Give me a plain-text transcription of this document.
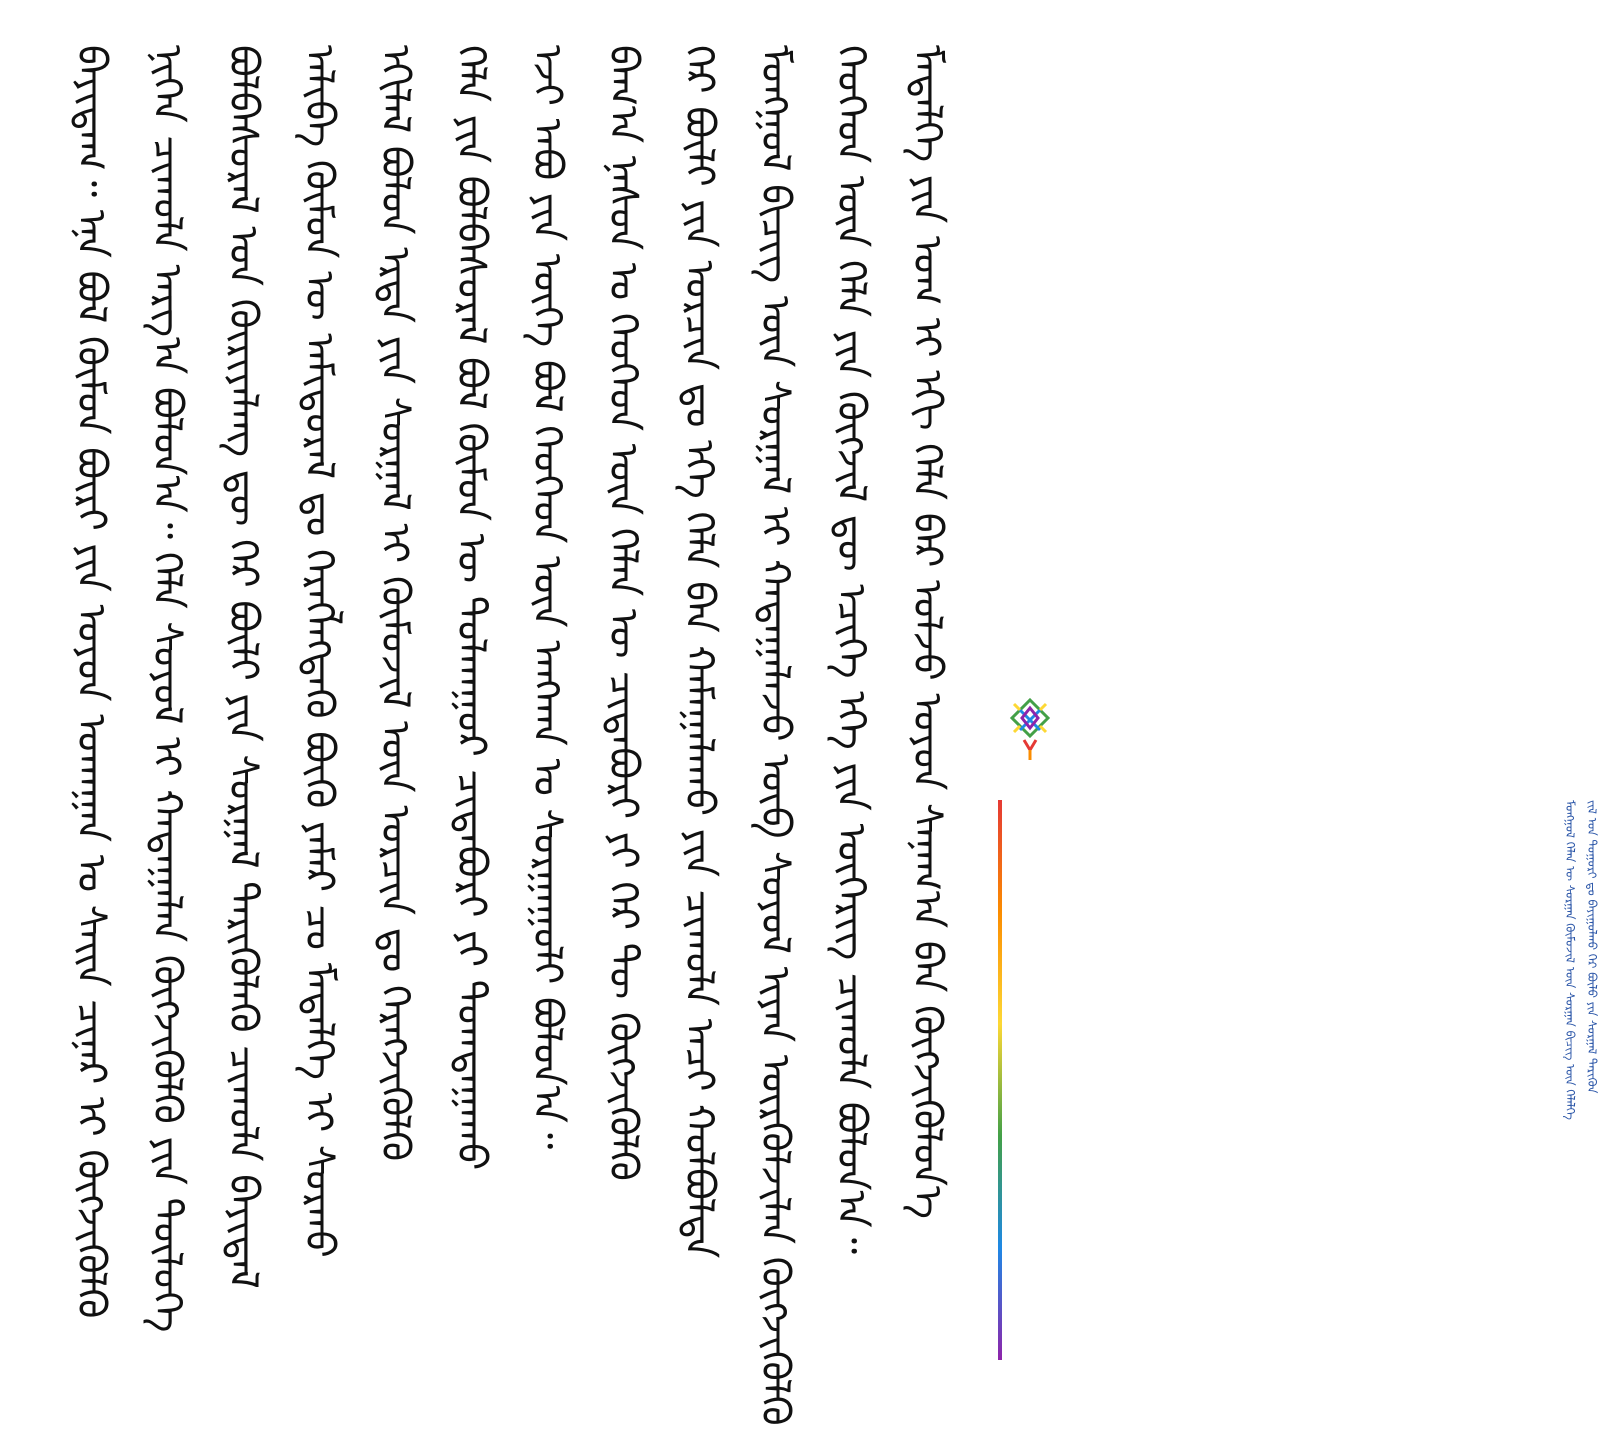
ᠪᠠᠶᠢᠳᠠᠭ᠃ ᠡᠨᠡ ᠪᠣᠯ ᠬᠦᠮᠦᠨ ᠪᠦᠷᠢ ᠶᠢᠨ ᠣᠶᠤᠨ ᠤᠬᠠᠭᠠᠨ ᠤ ᠰᠠᠢᠨ ᠴᠢᠨᠠᠷ ᠢ ᠬᠥᠭᠵᠢᠭᠦᠯᠬᠦ ᠨᠢᠭᠡᠨ ᠴᠢᠬᠤᠯᠠ ᠠᠷᠭ᠎ᠠ ᠪᠣᠯᠤᠨ᠎ᠠ᠃ ᠬᠡᠯᠡ ᠰᠣᠶᠣᠯ ᠢ ᠬᠠᠳᠠᠭᠠᠯᠠᠨ ᠬᠥᠭᠵᠢᠭᠦᠯᠬᠦ ᠶᠢᠨ ᠲᠥᠯᠦᠭᠡ ᠪᠣᠯᠪᠠᠰᠤᠷᠠᠯ ᠤᠨ ᠬᠦᠷᠢᠶᠡᠯᠡᠩ ᠳᠦ ᠭᠡᠷ ᠪᠦᠯᠢ ᠶᠢᠨ ᠰᠤᠷᠭᠠᠯ ᠲᠡᠷᠢᠭᠦᠯᠡᠬᠦ ᠴᠢᠬᠤᠯᠠ ᠪᠠᠶᠢᠳᠠᠯ ᠠᠯᠢᠪᠠ ᠬᠦᠮᠦᠨ ᠦ ᠠᠮᠢᠳᠤᠷᠠᠯ ᠳᠤ ᠬᠡᠷᠡᠭᠯᠡᠭᠳᠡᠬᠦ ᠪᠦᠬᠦ ᠶᠠᠮᠠᠷ ᠴᠤ ᠮᠡᠳᠡᠯᠭᠡ ᠢ ᠰᠤᠷᠬᠤ ᠡᠬᠢᠯᠡᠯ ᠪᠣᠯᠤᠨ ᠡᠷᠲᠡ ᠶᠢᠨ ᠰᠤᠷᠭᠠᠯ ᠢ ᠬᠦᠮᠦᠵᠢᠯ ᠦᠨ ᠣᠷᠴᠢᠨ ᠳᠤ ᠬᠡᠷᠡᠭᠵᠢᠭᠦᠯᠬᠦ ᠬᠡᠯᠡ ᠶᠢᠨ ᠪᠣᠯᠪᠠᠰᠤᠷᠠᠯ ᠪᠣᠯ ᠬᠦᠮᠦᠨ ᠦ ᠲᠤᠯᠬᠠᠭᠤᠷ ᠴᠢᠳᠠᠪᠤᠷᠢ ᠶᠢ ᠲᠣᠭᠲᠠᠭᠠᠬᠤ ᠡᠵᠢ ᠠᠪᠤ ᠶᠢᠨ ᠦᠭᠡ ᠪᠣᠯ ᠬᠡᠦᠬᠡᠳ ᠦᠨ ᠠᠩᠬᠠᠨ ᠤ ᠰᠤᠷᠭᠠᠭᠤᠯᠢ ᠪᠣᠯᠤᠨ᠎ᠠ᠃ ᠪᠠᠭ᠎ᠠ ᠨᠠᠰᠤᠨ ᠤ ᠬᠡᠦᠬᠡᠳ ᠦᠨ ᠬᠡᠯᠡᠨ ᠦ ᠴᠢᠳᠠᠪᠤᠷᠢ ᠶᠢ ᠭᠡᠷ ᠲᠦ ᠬᠥᠭᠵᠢᠭᠦᠯᠬᠦ ᠭᠡᠷ ᠪᠦᠯᠢ ᠶᠢᠨ ᠤᠷᠴᠢᠨ ᠳᠤ ᠡᠬᠡ ᠬᠡᠯᠡ ᠪᠡᠨ ᠬᠠᠮᠠᠭᠠᠯᠠᠬᠤ ᠶᠢᠨ ᠴᠢᠬᠤᠯᠠ ᠠᠴᠢ ᠬᠣᠯᠪᠣᠯᠳᠠ ᠮᠣᠩᠭᠣᠯ ᠪᠢᠴᠢᠭ ᠦᠨ ᠰᠤᠷᠭᠠᠯ ᠢ ᠬᠠᠳᠠᠭᠠᠯᠠᠵᠤ ᠥᠪ ᠰᠣᠶᠣᠯ ᠢᠶᠠᠨ ᠦᠷᠭᠦᠯᠵᠢᠯᠡᠨ ᠬᠥᠭᠵᠢᠭᠦᠯᠬᠦ ᠬᠡᠦᠬᠡᠳ ᠦᠨ ᠬᠡᠯᠡ ᠶᠢᠨ ᠬᠥᠭᠵᠢᠯ ᠳᠦ ᠡᠴᠢᠭᠡ ᠡᠬᠡ ᠶᠢᠨ ᠦᠬᠡᠷᠢᠭ ᠴᠢᠬᠤᠯᠠ ᠪᠣᠯᠤᠨ᠎ᠠ᠃ ᠮᠡᠳᠡᠯᠭᠡ ᠶᠢᠨ ᠤᠭ ᠢ ᠡᠬᠢ ᠬᠡᠯᠡ ᠪᠡᠷ ᠣᠯᠵᠤ ᠤᠶᠤᠨ ᠰᠠᠨᠠᠭ᠎ᠠ ᠪᠡᠨ ᠬᠥᠭᠵᠢᠭᠦᠯᠦᠨ᠎ᠡ	ᠮᠣᠩᠭᠣᠯ ᠬᠡᠯᠡᠨ ᠦ ᠰᠤᠷᠭᠠᠨ ᠬᠦᠮᠦᠵᠢᠯ ᠦᠨ ᠰᠤᠷᠭᠠᠨ ᠪᠢᠴᠢᠭ ᠦᠨ ᠬᠡᠯᠡᠯᠭᠡ ᠵᠢᠯ ᠤᠨ ᠲᠣᠭᠣᠷᠢ ᠳᠤ ᠪᠠᠶᠢᠭᠤᠯᠬᠤ ᠭᠡᠷ ᠪᠦᠯᠦ ᠶᠢᠨ ᠰᠤᠷᠭᠠᠯ ᠲᠡᠷᠢᠭᠦᠨ
